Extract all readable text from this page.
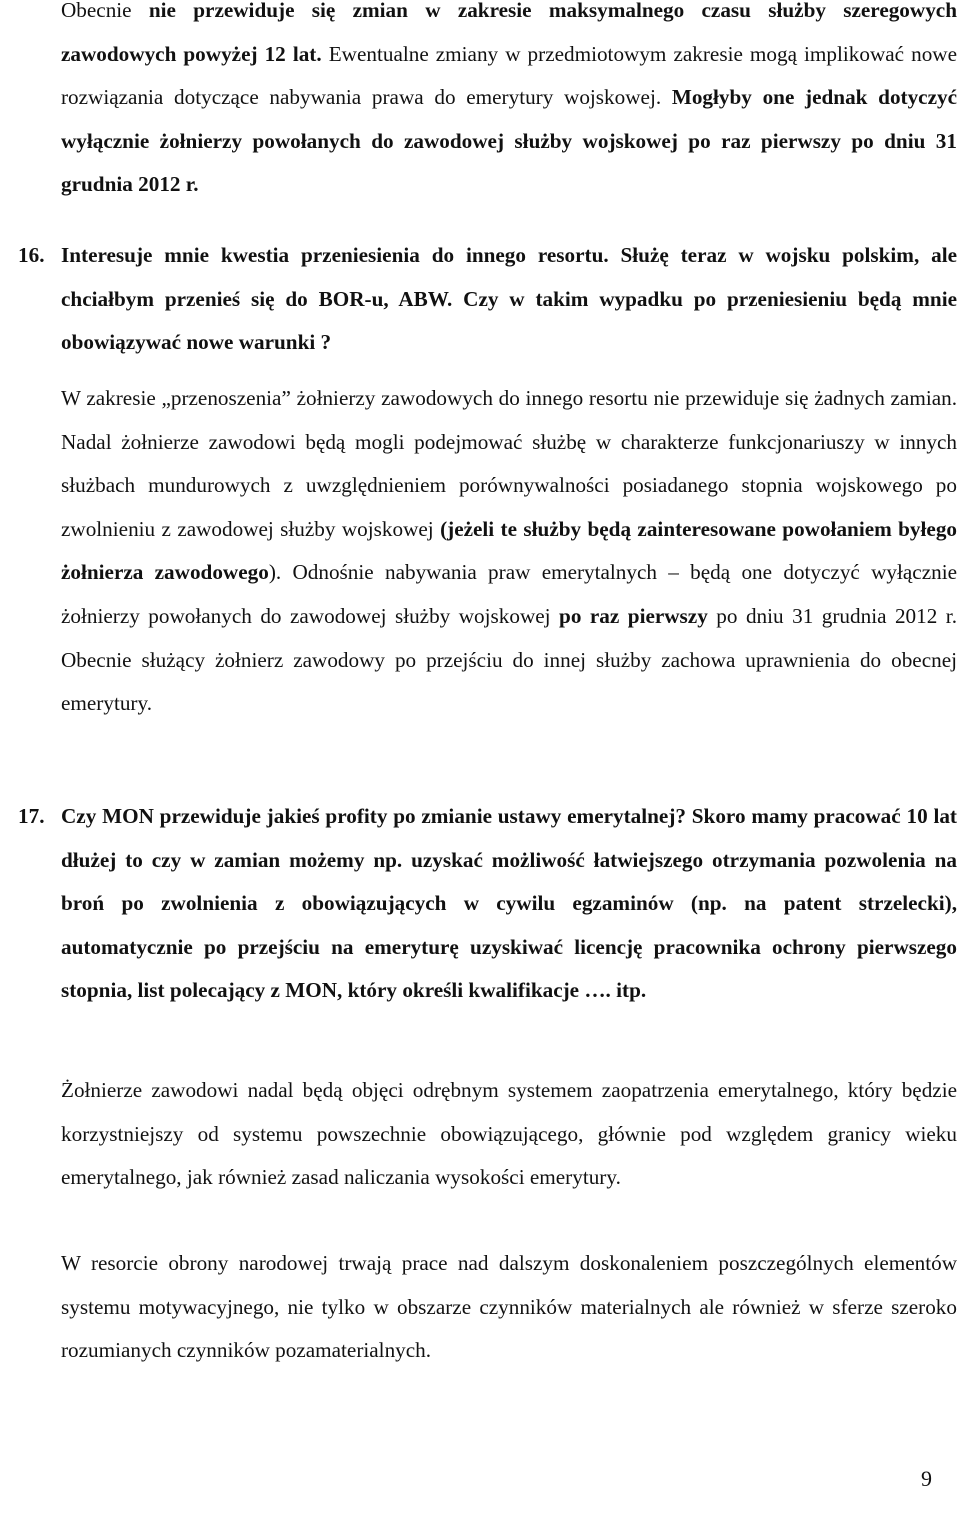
Obecnie nie przewiduje się zmian w zakresie maksymalnego czasu służby szeregowych zawodowych powyżej 12 lat. Ewentualne zmiany w przedmiotowym zakresie mogą implikować nowe rozwiązania dotyczące nabywania prawa do emerytury wojskowej. Mogłyby one jednak dotyczyć wyłącznie żołnierzy powołanych do zawodowej służby wojskowej po raz pierwszy po dniu 31 grudnia 2012 r.

16. Interesuje mnie kwestia przeniesienia do innego resortu. Służę teraz w wojsku polskim, ale chciałbym przenieś się do BOR-u, ABW. Czy w takim wypadku po przeniesieniu będą mnie obowiązywać nowe warunki ?

W zakresie „przenoszenia” żołnierzy zawodowych do innego resortu nie przewiduje się żadnych zamian. Nadal żołnierze zawodowi będą mogli podejmować służbę w charakterze funkcjonariuszy w innych służbach mundurowych z uwzględnieniem porównywalności posiadanego stopnia wojskowego po zwolnieniu z zawodowej służby wojskowej (jeżeli te służby będą zainteresowane powołaniem byłego żołnierza zawodowego). Odnośnie nabywania praw emerytalnych – będą one dotyczyć wyłącznie żołnierzy powołanych do zawodowej służby wojskowej po raz pierwszy po dniu 31 grudnia 2012 r. Obecnie służący żołnierz zawodowy po przejściu do innej służby zachowa uprawnienia do obecnej emerytury.

17. Czy MON przewiduje jakieś profity po zmianie ustawy emerytalnej? Skoro mamy pracować 10 lat dłużej to czy w zamian możemy np. uzyskać możliwość łatwiejszego otrzymania pozwolenia na broń po zwolnienia z obowiązujących w cywilu egzaminów (np. na patent strzelecki), automatycznie po przejściu na emeryturę uzyskiwać licencję pracownika ochrony pierwszego stopnia, list polecający z MON, który określi kwalifikacje …. itp.

Żołnierze zawodowi nadal będą objęci odrębnym systemem zaopatrzenia emerytalnego, który będzie korzystniejszy od systemu powszechnie obowiązującego, głównie pod względem granicy wieku emerytalnego, jak również zasad naliczania wysokości emerytury.

W resorcie obrony narodowej trwają prace nad dalszym doskonaleniem poszczególnych elementów systemu motywacyjnego, nie tylko w obszarze czynników materialnych ale również w sferze szeroko rozumianych czynników pozamaterialnych.

9
